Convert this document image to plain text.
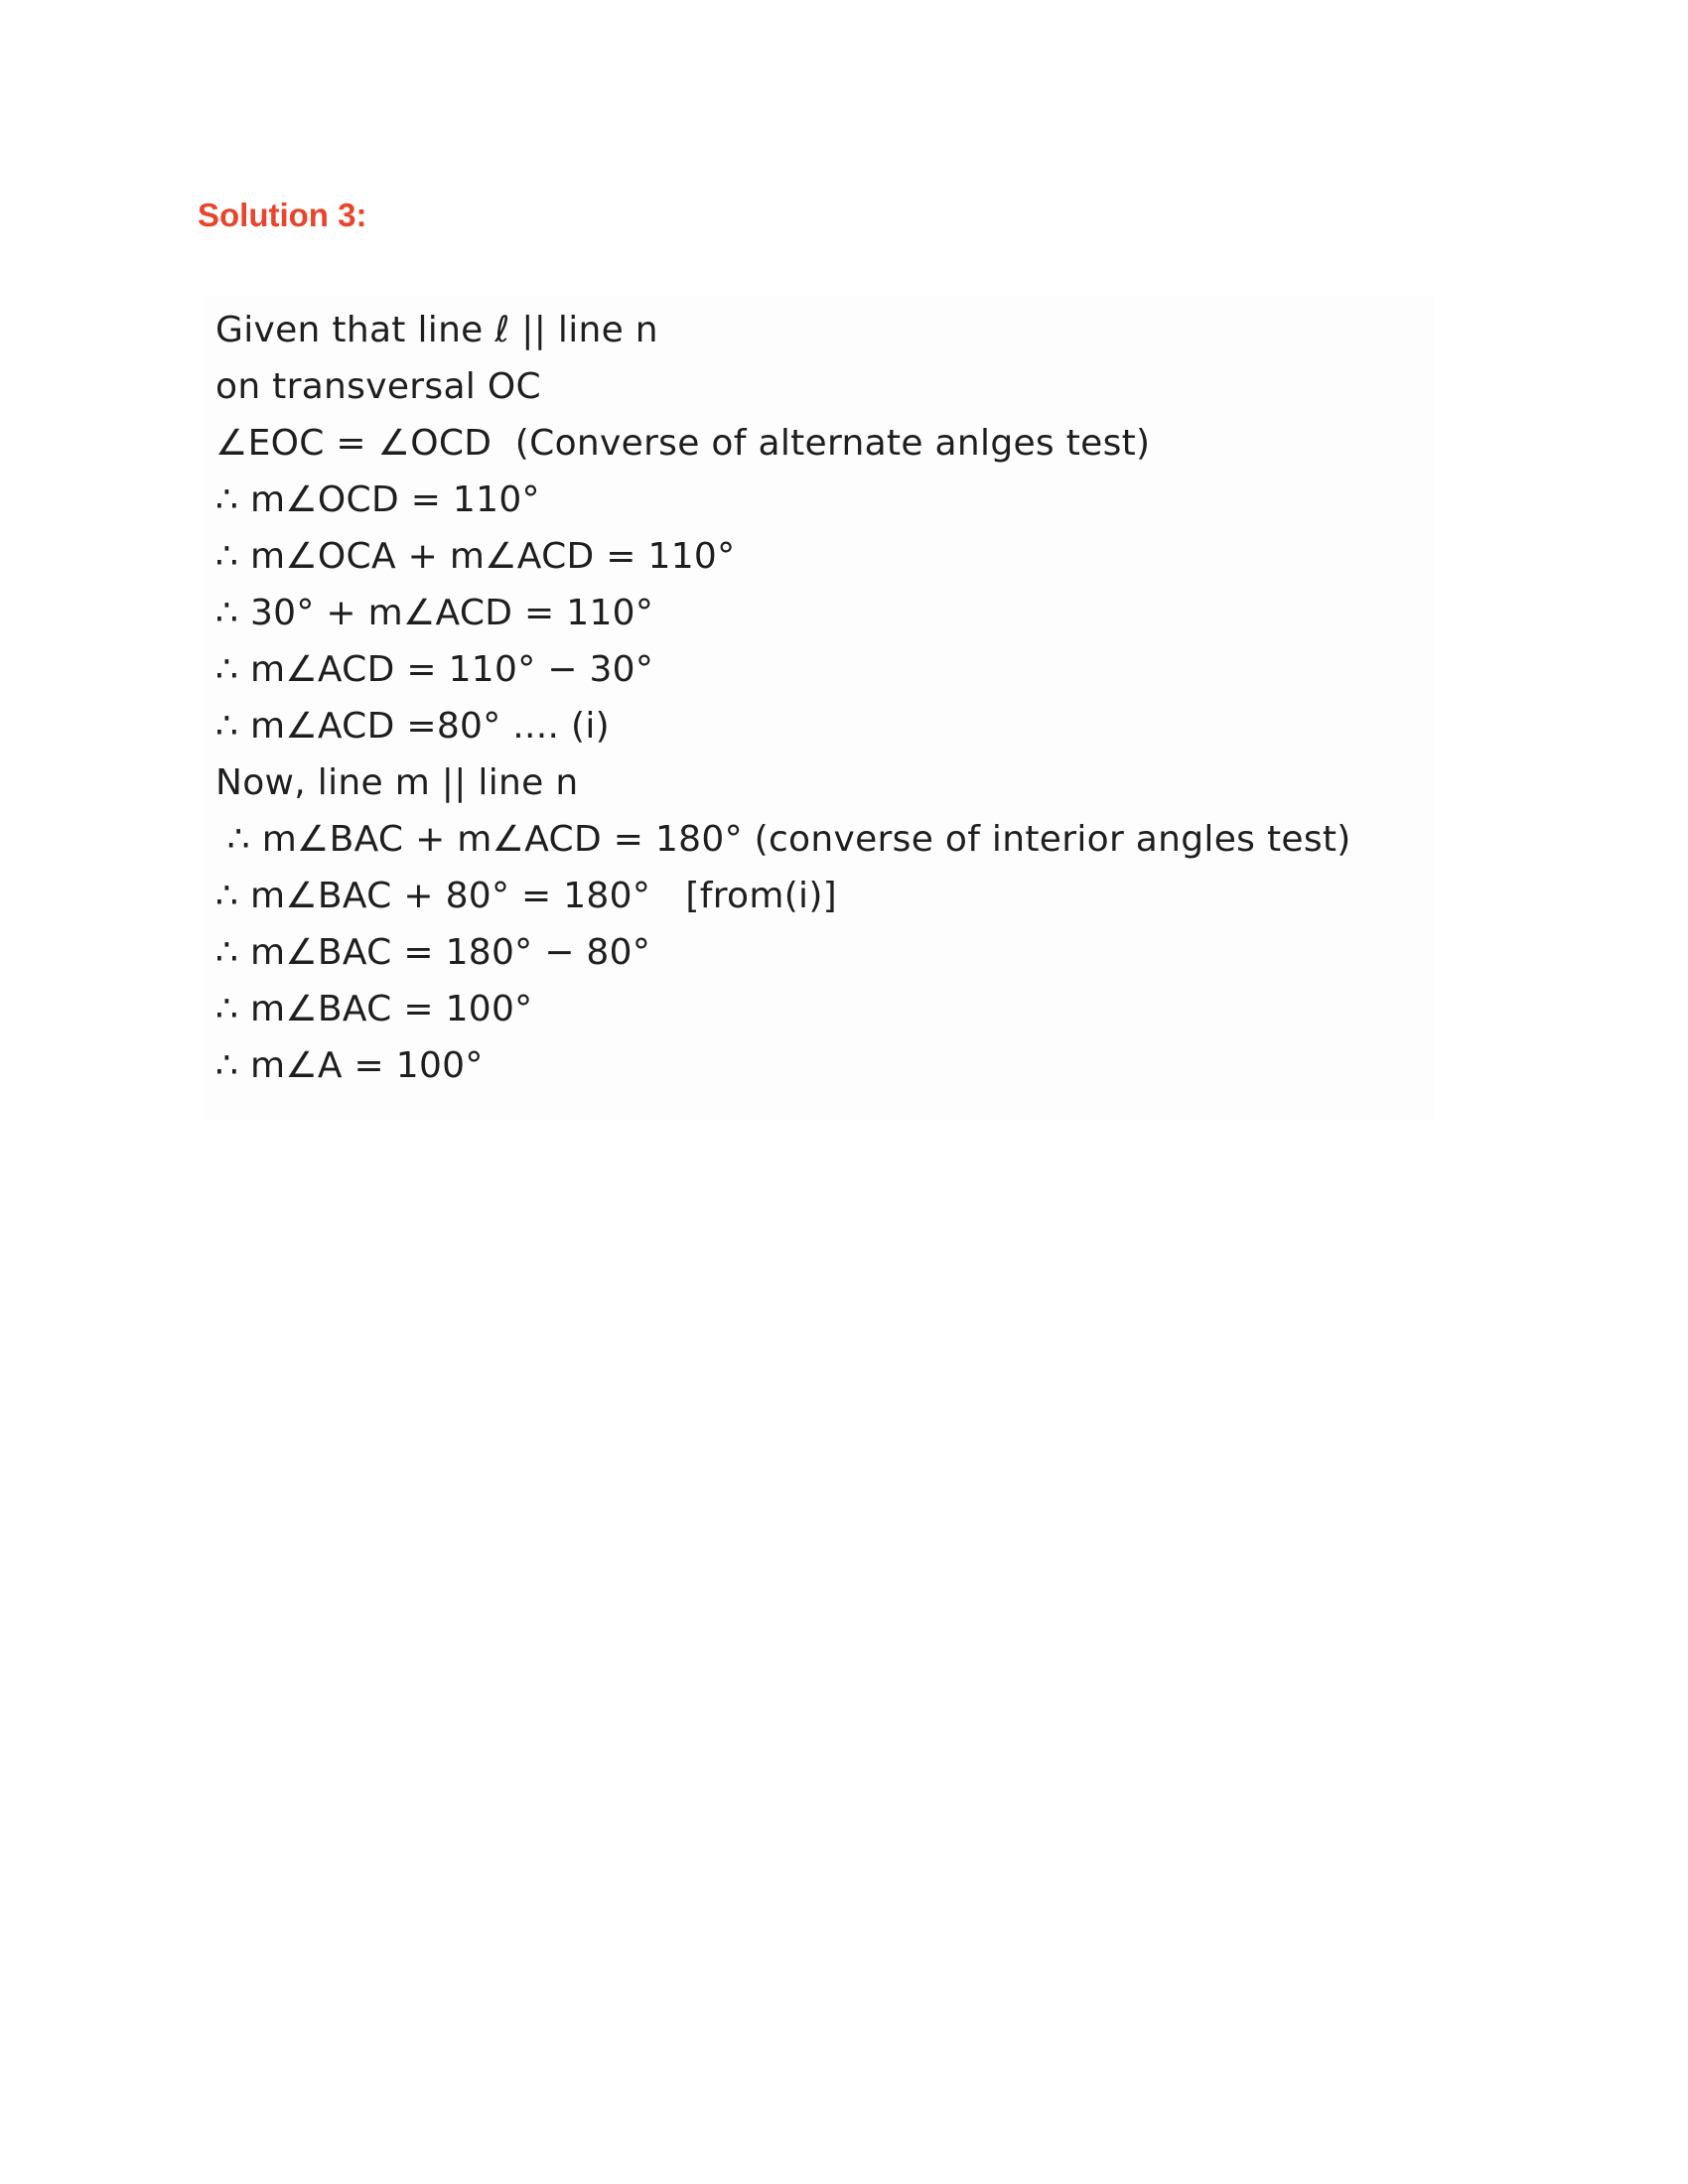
Solution 3:
Given that line ℓ || line n
on transversal OC
∠EOC = ∠OCD  (Converse of alternate anlges test)
∴ m∠OCD = 110°
∴ m∠OCA + m∠ACD = 110°
∴ 30° + m∠ACD = 110°
∴ m∠ACD = 110° − 30°
∴ m∠ACD =80° .... (i)
Now, line m || line n
∴ m∠BAC + m∠ACD = 180° (converse of interior angles test)
∴ m∠BAC + 80° = 180°   [from(i)]
∴ m∠BAC = 180° − 80°
∴ m∠BAC = 100°
∴ m∠A = 100°
